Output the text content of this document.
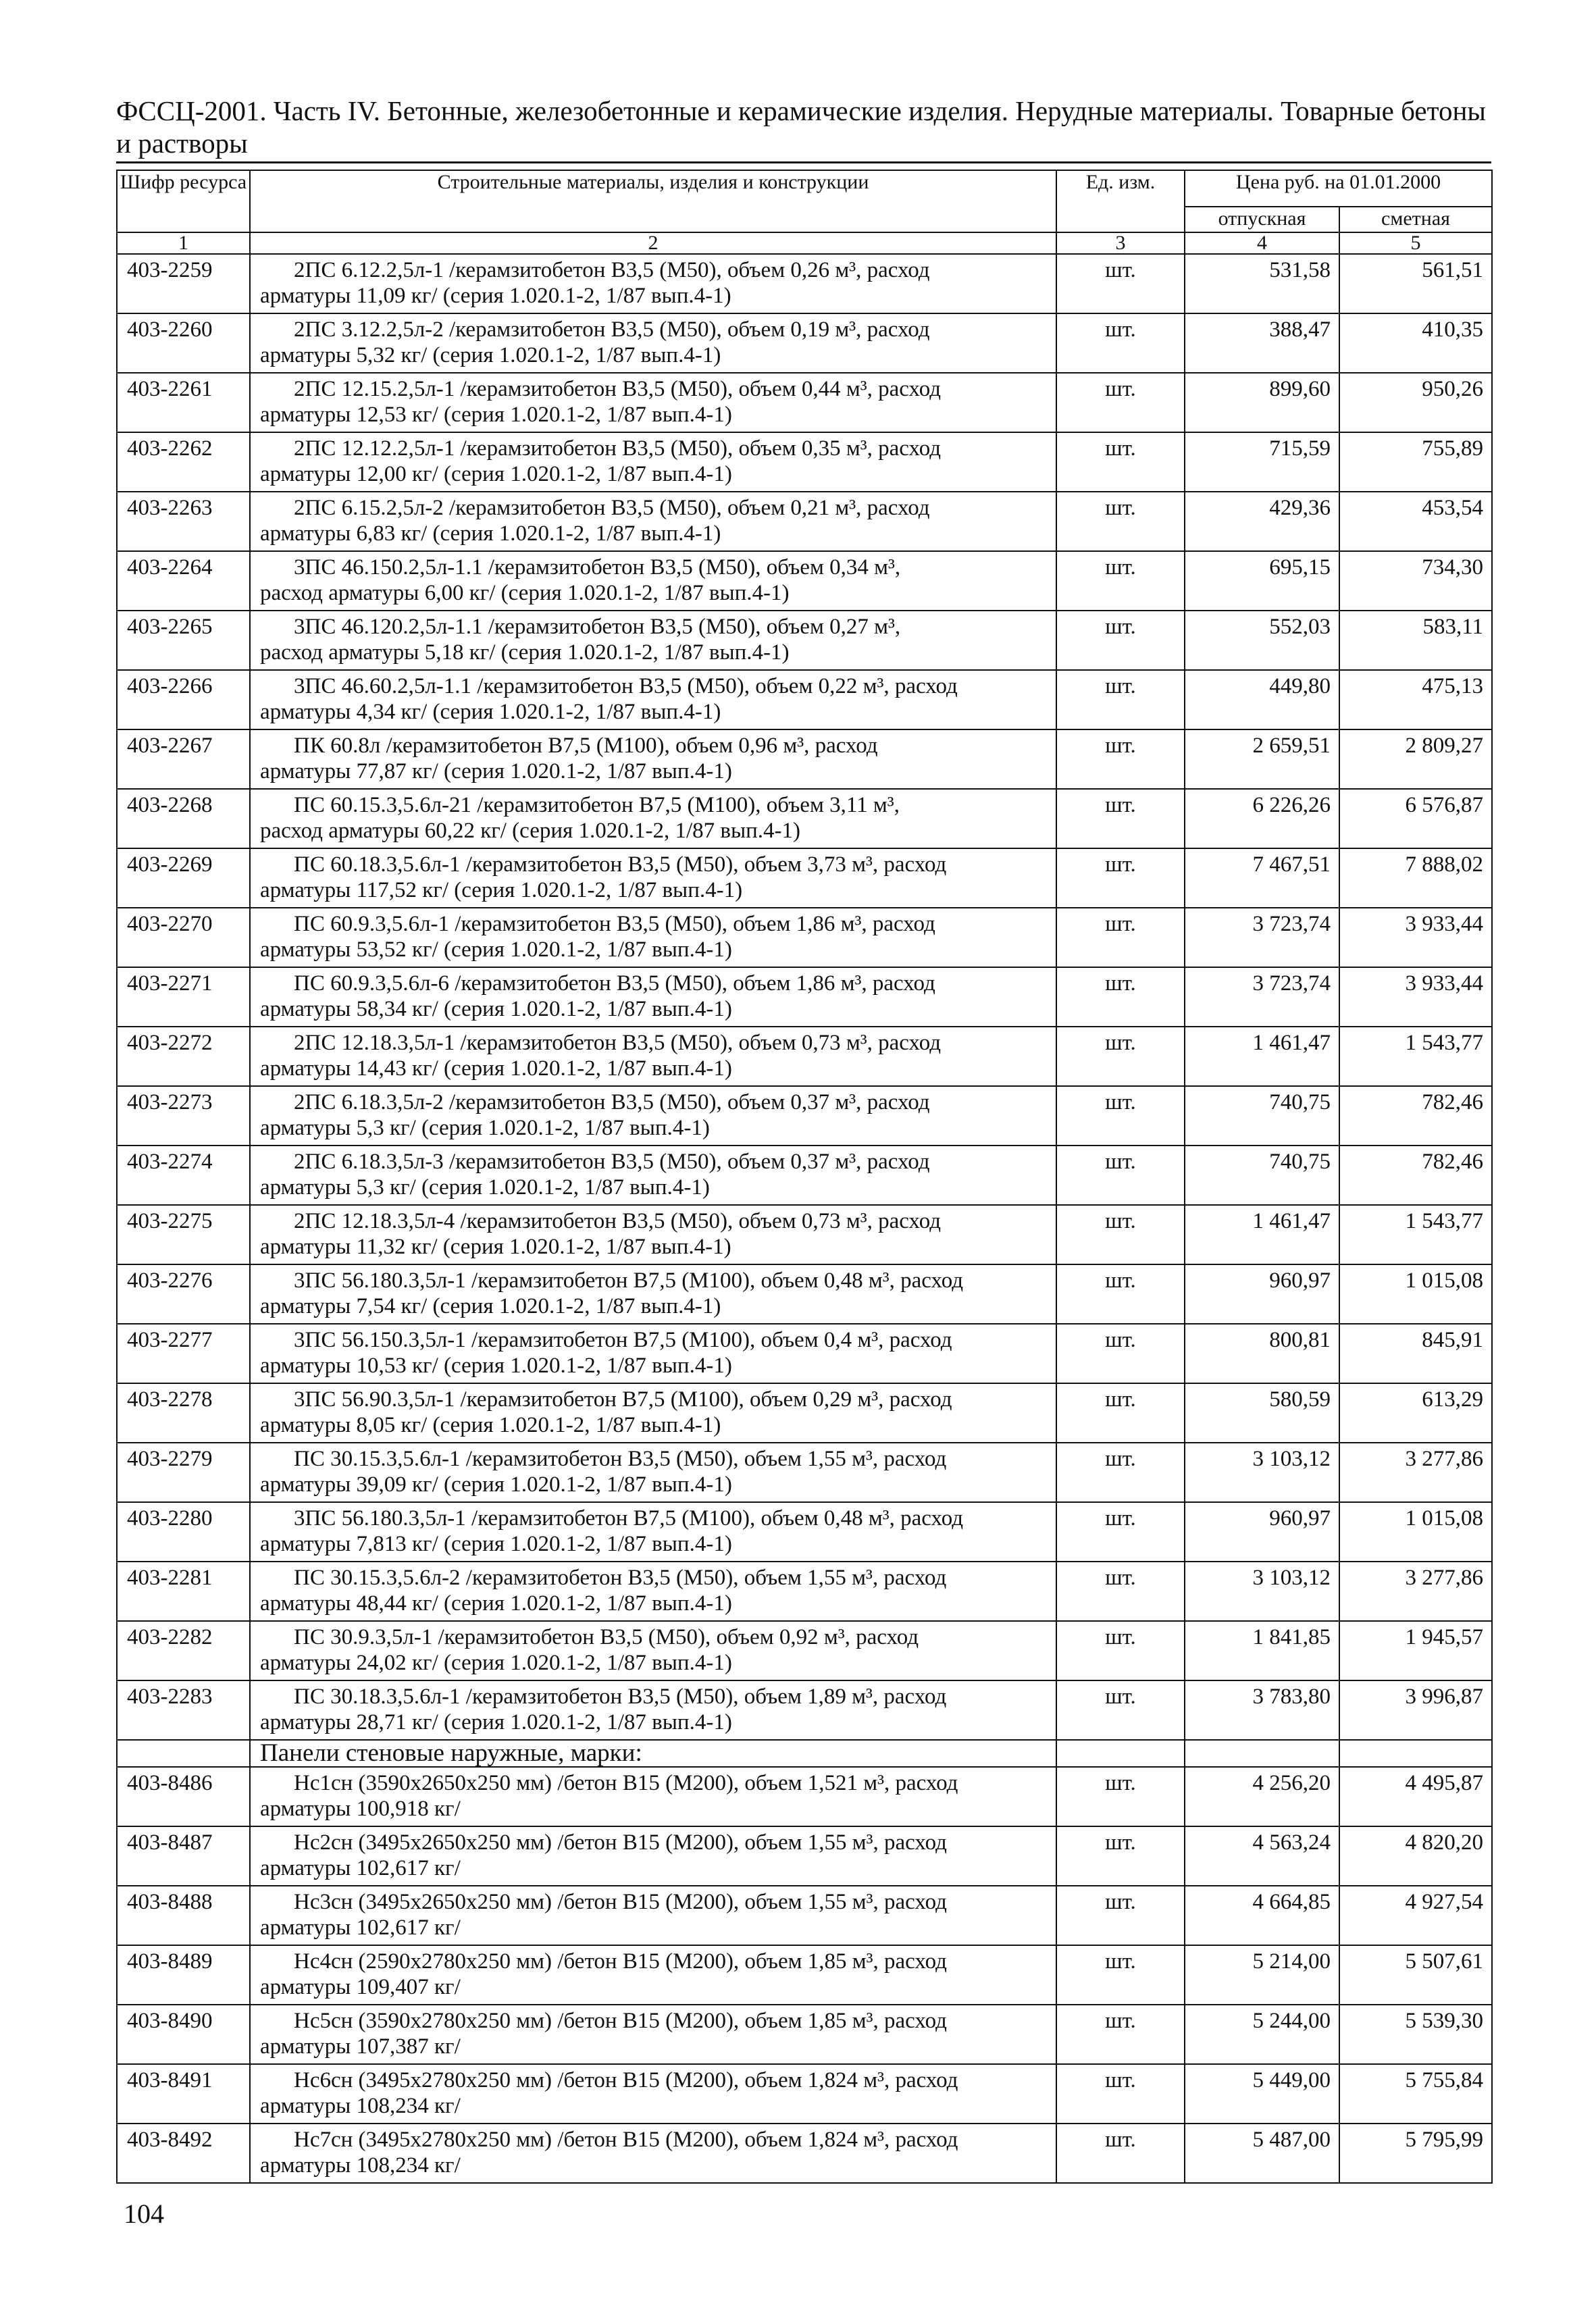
ФССЦ-2001. Часть IV. Бетонные, железобетонные и керамические изделия. Нерудные материалы. Товарные бетоны и растворы
Шифр ресурса	Строительные материалы, изделия и конструкции	Ед. изм.	Цена руб. на 01.01.2000	
			отпускная	сметная
1	2	3	4	5
403-2259	2ПС 6.12.2,5л-1 /керамзитобетон В3,5 (М50), объем 0,26 м³, расход
арматуры 11,09 кг/ (серия 1.020.1-2, 1/87 вып.4-1)	шт.	531,58	561,51
403-2260	2ПС 3.12.2,5л-2 /керамзитобетон В3,5 (М50), объем 0,19 м³, расход
арматуры 5,32 кг/ (серия 1.020.1-2, 1/87 вып.4-1)	шт.	388,47	410,35
403-2261	2ПС 12.15.2,5л-1 /керамзитобетон В3,5 (М50), объем 0,44 м³, расход
арматуры 12,53 кг/ (серия 1.020.1-2, 1/87 вып.4-1)	шт.	899,60	950,26
403-2262	2ПС 12.12.2,5л-1 /керамзитобетон В3,5 (М50), объем 0,35 м³, расход
арматуры 12,00 кг/ (серия 1.020.1-2, 1/87 вып.4-1)	шт.	715,59	755,89
403-2263	2ПС 6.15.2,5л-2 /керамзитобетон В3,5 (М50), объем 0,21 м³, расход
арматуры 6,83 кг/ (серия 1.020.1-2, 1/87 вып.4-1)	шт.	429,36	453,54
403-2264	3ПС 46.150.2,5л-1.1 /керамзитобетон В3,5 (М50), объем 0,34 м³,
расход арматуры 6,00 кг/ (серия 1.020.1-2, 1/87 вып.4-1)	шт.	695,15	734,30
403-2265	3ПС 46.120.2,5л-1.1 /керамзитобетон В3,5 (М50), объем 0,27 м³,
расход арматуры 5,18 кг/ (серия 1.020.1-2, 1/87 вып.4-1)	шт.	552,03	583,11
403-2266	3ПС 46.60.2,5л-1.1 /керамзитобетон В3,5 (М50), объем 0,22 м³, расход
арматуры 4,34 кг/ (серия 1.020.1-2, 1/87 вып.4-1)	шт.	449,80	475,13
403-2267	ПК 60.8л /керамзитобетон В7,5 (М100), объем 0,96 м³, расход
арматуры 77,87 кг/ (серия 1.020.1-2, 1/87 вып.4-1)	шт.	2 659,51	2 809,27
403-2268	ПС 60.15.3,5.6л-21 /керамзитобетон В7,5 (М100), объем 3,11 м³,
расход арматуры 60,22 кг/ (серия 1.020.1-2, 1/87 вып.4-1)	шт.	6 226,26	6 576,87
403-2269	ПС 60.18.3,5.6л-1 /керамзитобетон В3,5 (М50), объем 3,73 м³, расход
арматуры 117,52 кг/ (серия 1.020.1-2, 1/87 вып.4-1)	шт.	7 467,51	7 888,02
403-2270	ПС 60.9.3,5.6л-1 /керамзитобетон В3,5 (М50), объем 1,86 м³, расход
арматуры 53,52 кг/ (серия 1.020.1-2, 1/87 вып.4-1)	шт.	3 723,74	3 933,44
403-2271	ПС 60.9.3,5.6л-6 /керамзитобетон В3,5 (М50), объем 1,86 м³, расход
арматуры 58,34 кг/ (серия 1.020.1-2, 1/87 вып.4-1)	шт.	3 723,74	3 933,44
403-2272	2ПС 12.18.3,5л-1 /керамзитобетон В3,5 (М50), объем 0,73 м³, расход
арматуры 14,43 кг/ (серия 1.020.1-2, 1/87 вып.4-1)	шт.	1 461,47	1 543,77
403-2273	2ПС 6.18.3,5л-2 /керамзитобетон В3,5 (М50), объем 0,37 м³, расход
арматуры 5,3 кг/ (серия 1.020.1-2, 1/87 вып.4-1)	шт.	740,75	782,46
403-2274	2ПС 6.18.3,5л-3 /керамзитобетон В3,5 (М50), объем 0,37 м³, расход
арматуры 5,3 кг/ (серия 1.020.1-2, 1/87 вып.4-1)	шт.	740,75	782,46
403-2275	2ПС 12.18.3,5л-4 /керамзитобетон В3,5 (М50), объем 0,73 м³, расход
арматуры 11,32 кг/ (серия 1.020.1-2, 1/87 вып.4-1)	шт.	1 461,47	1 543,77
403-2276	3ПС 56.180.3,5л-1 /керамзитобетон В7,5 (М100), объем 0,48 м³, расход
арматуры 7,54 кг/ (серия 1.020.1-2, 1/87 вып.4-1)	шт.	960,97	1 015,08
403-2277	3ПС 56.150.3,5л-1 /керамзитобетон В7,5 (М100), объем 0,4 м³, расход
арматуры 10,53 кг/ (серия 1.020.1-2, 1/87 вып.4-1)	шт.	800,81	845,91
403-2278	3ПС 56.90.3,5л-1 /керамзитобетон В7,5 (М100), объем 0,29 м³, расход
арматуры 8,05 кг/ (серия 1.020.1-2, 1/87 вып.4-1)	шт.	580,59	613,29
403-2279	ПС 30.15.3,5.6л-1 /керамзитобетон В3,5 (М50), объем 1,55 м³, расход
арматуры 39,09 кг/ (серия 1.020.1-2, 1/87 вып.4-1)	шт.	3 103,12	3 277,86
403-2280	3ПС 56.180.3,5л-1 /керамзитобетон В7,5 (М100), объем 0,48 м³, расход
арматуры 7,813 кг/ (серия 1.020.1-2, 1/87 вып.4-1)	шт.	960,97	1 015,08
403-2281	ПС 30.15.3,5.6л-2 /керамзитобетон В3,5 (М50), объем 1,55 м³, расход
арматуры 48,44 кг/ (серия 1.020.1-2, 1/87 вып.4-1)	шт.	3 103,12	3 277,86
403-2282	ПС 30.9.3,5л-1 /керамзитобетон В3,5 (М50), объем 0,92 м³, расход
арматуры 24,02 кг/ (серия 1.020.1-2, 1/87 вып.4-1)	шт.	1 841,85	1 945,57
403-2283	ПС 30.18.3,5.6л-1 /керамзитобетон В3,5 (М50), объем 1,89 м³, расход
арматуры 28,71 кг/ (серия 1.020.1-2, 1/87 вып.4-1)	шт.	3 783,80	3 996,87
	Панели стеновые наружные, марки:			
403-8486	Нс1сн (3590х2650х250 мм) /бетон В15 (М200), объем 1,521 м³, расход
арматуры 100,918 кг/	шт.	4 256,20	4 495,87
403-8487	Нс2сн (3495х2650х250 мм) /бетон В15 (М200), объем 1,55 м³, расход
арматуры 102,617 кг/	шт.	4 563,24	4 820,20
403-8488	Нс3сн (3495х2650х250 мм) /бетон В15 (М200), объем 1,55 м³, расход
арматуры 102,617 кг/	шт.	4 664,85	4 927,54
403-8489	Нс4сн (2590х2780х250 мм) /бетон В15 (М200), объем 1,85 м³, расход
арматуры 109,407 кг/	шт.	5 214,00	5 507,61
403-8490	Нс5сн (3590х2780х250 мм) /бетон В15 (М200), объем 1,85 м³, расход
арматуры 107,387 кг/	шт.	5 244,00	5 539,30
403-8491	Нс6сн (3495х2780х250 мм) /бетон В15 (М200), объем 1,824 м³, расход
арматуры 108,234 кг/	шт.	5 449,00	5 755,84
403-8492	Нс7сн (3495х2780х250 мм) /бетон В15 (М200), объем 1,824 м³, расход
арматуры 108,234 кг/	шт.	5 487,00	5 795,99
104
